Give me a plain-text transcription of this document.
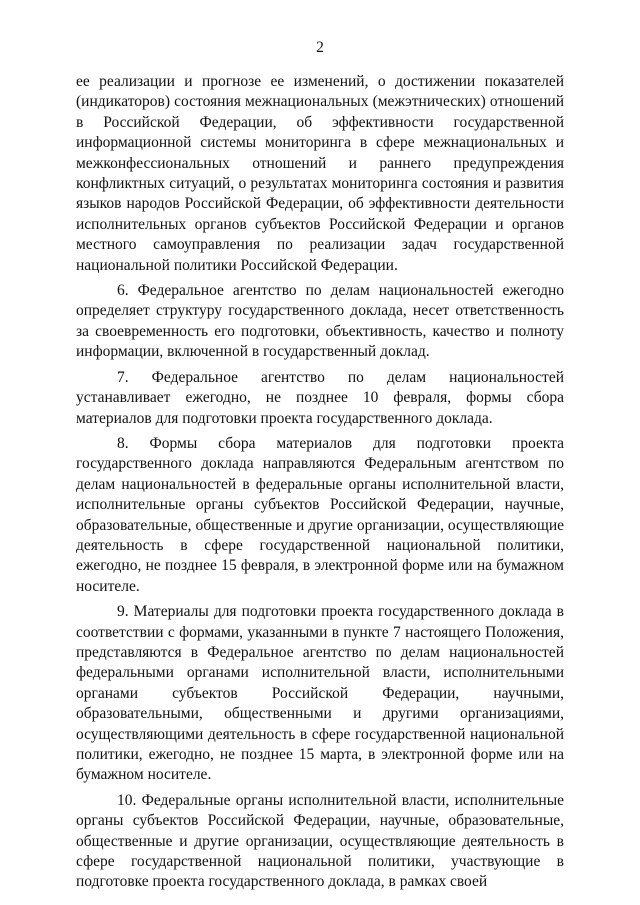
2

ее реализации и прогнозе ее изменений, о достижении показателей (индикаторов) состояния межнациональных (межэтнических) отношений в Российской Федерации, об эффективности государственной информационной системы мониторинга в сфере межнациональных и межконфессиональных отношений и раннего предупреждения конфликтных ситуаций, о результатах мониторинга состояния и развития языков народов Российской Федерации, об эффективности деятельности исполнительных органов субъектов Российской Федерации и органов местного самоуправления по реализации задач государственной национальной политики Российской Федерации.

6. Федеральное агентство по делам национальностей ежегодно определяет структуру государственного доклада, несет ответственность за своевременность его подготовки, объективность, качество и полноту информации, включенной в государственный доклад.

7. Федеральное агентство по делам национальностей устанавливает ежегодно, не позднее 10 февраля, формы сбора материалов для подготовки проекта государственного доклада.

8. Формы сбора материалов для подготовки проекта государственного доклада направляются Федеральным агентством по делам национальностей в федеральные органы исполнительной власти, исполнительные органы субъектов Российской Федерации, научные, образовательные, общественные и другие организации, осуществляющие деятельность в сфере государственной национальной политики, ежегодно, не позднее 15 февраля, в электронной форме или на бумажном носителе.

9. Материалы для подготовки проекта государственного доклада в соответствии с формами, указанными в пункте 7 настоящего Положения, представляются в Федеральное агентство по делам национальностей федеральными органами исполнительной власти, исполнительными органами субъектов Российской Федерации, научными, образовательными, общественными и другими организациями, осуществляющими деятельность в сфере государственной национальной политики, ежегодно, не позднее 15 марта, в электронной форме или на бумажном носителе.

10. Федеральные органы исполнительной власти, исполнительные органы субъектов Российской Федерации, научные, образовательные, общественные и другие организации, осуществляющие деятельность в сфере государственной национальной политики, участвующие в подготовке проекта государственного доклада, в рамках своей
